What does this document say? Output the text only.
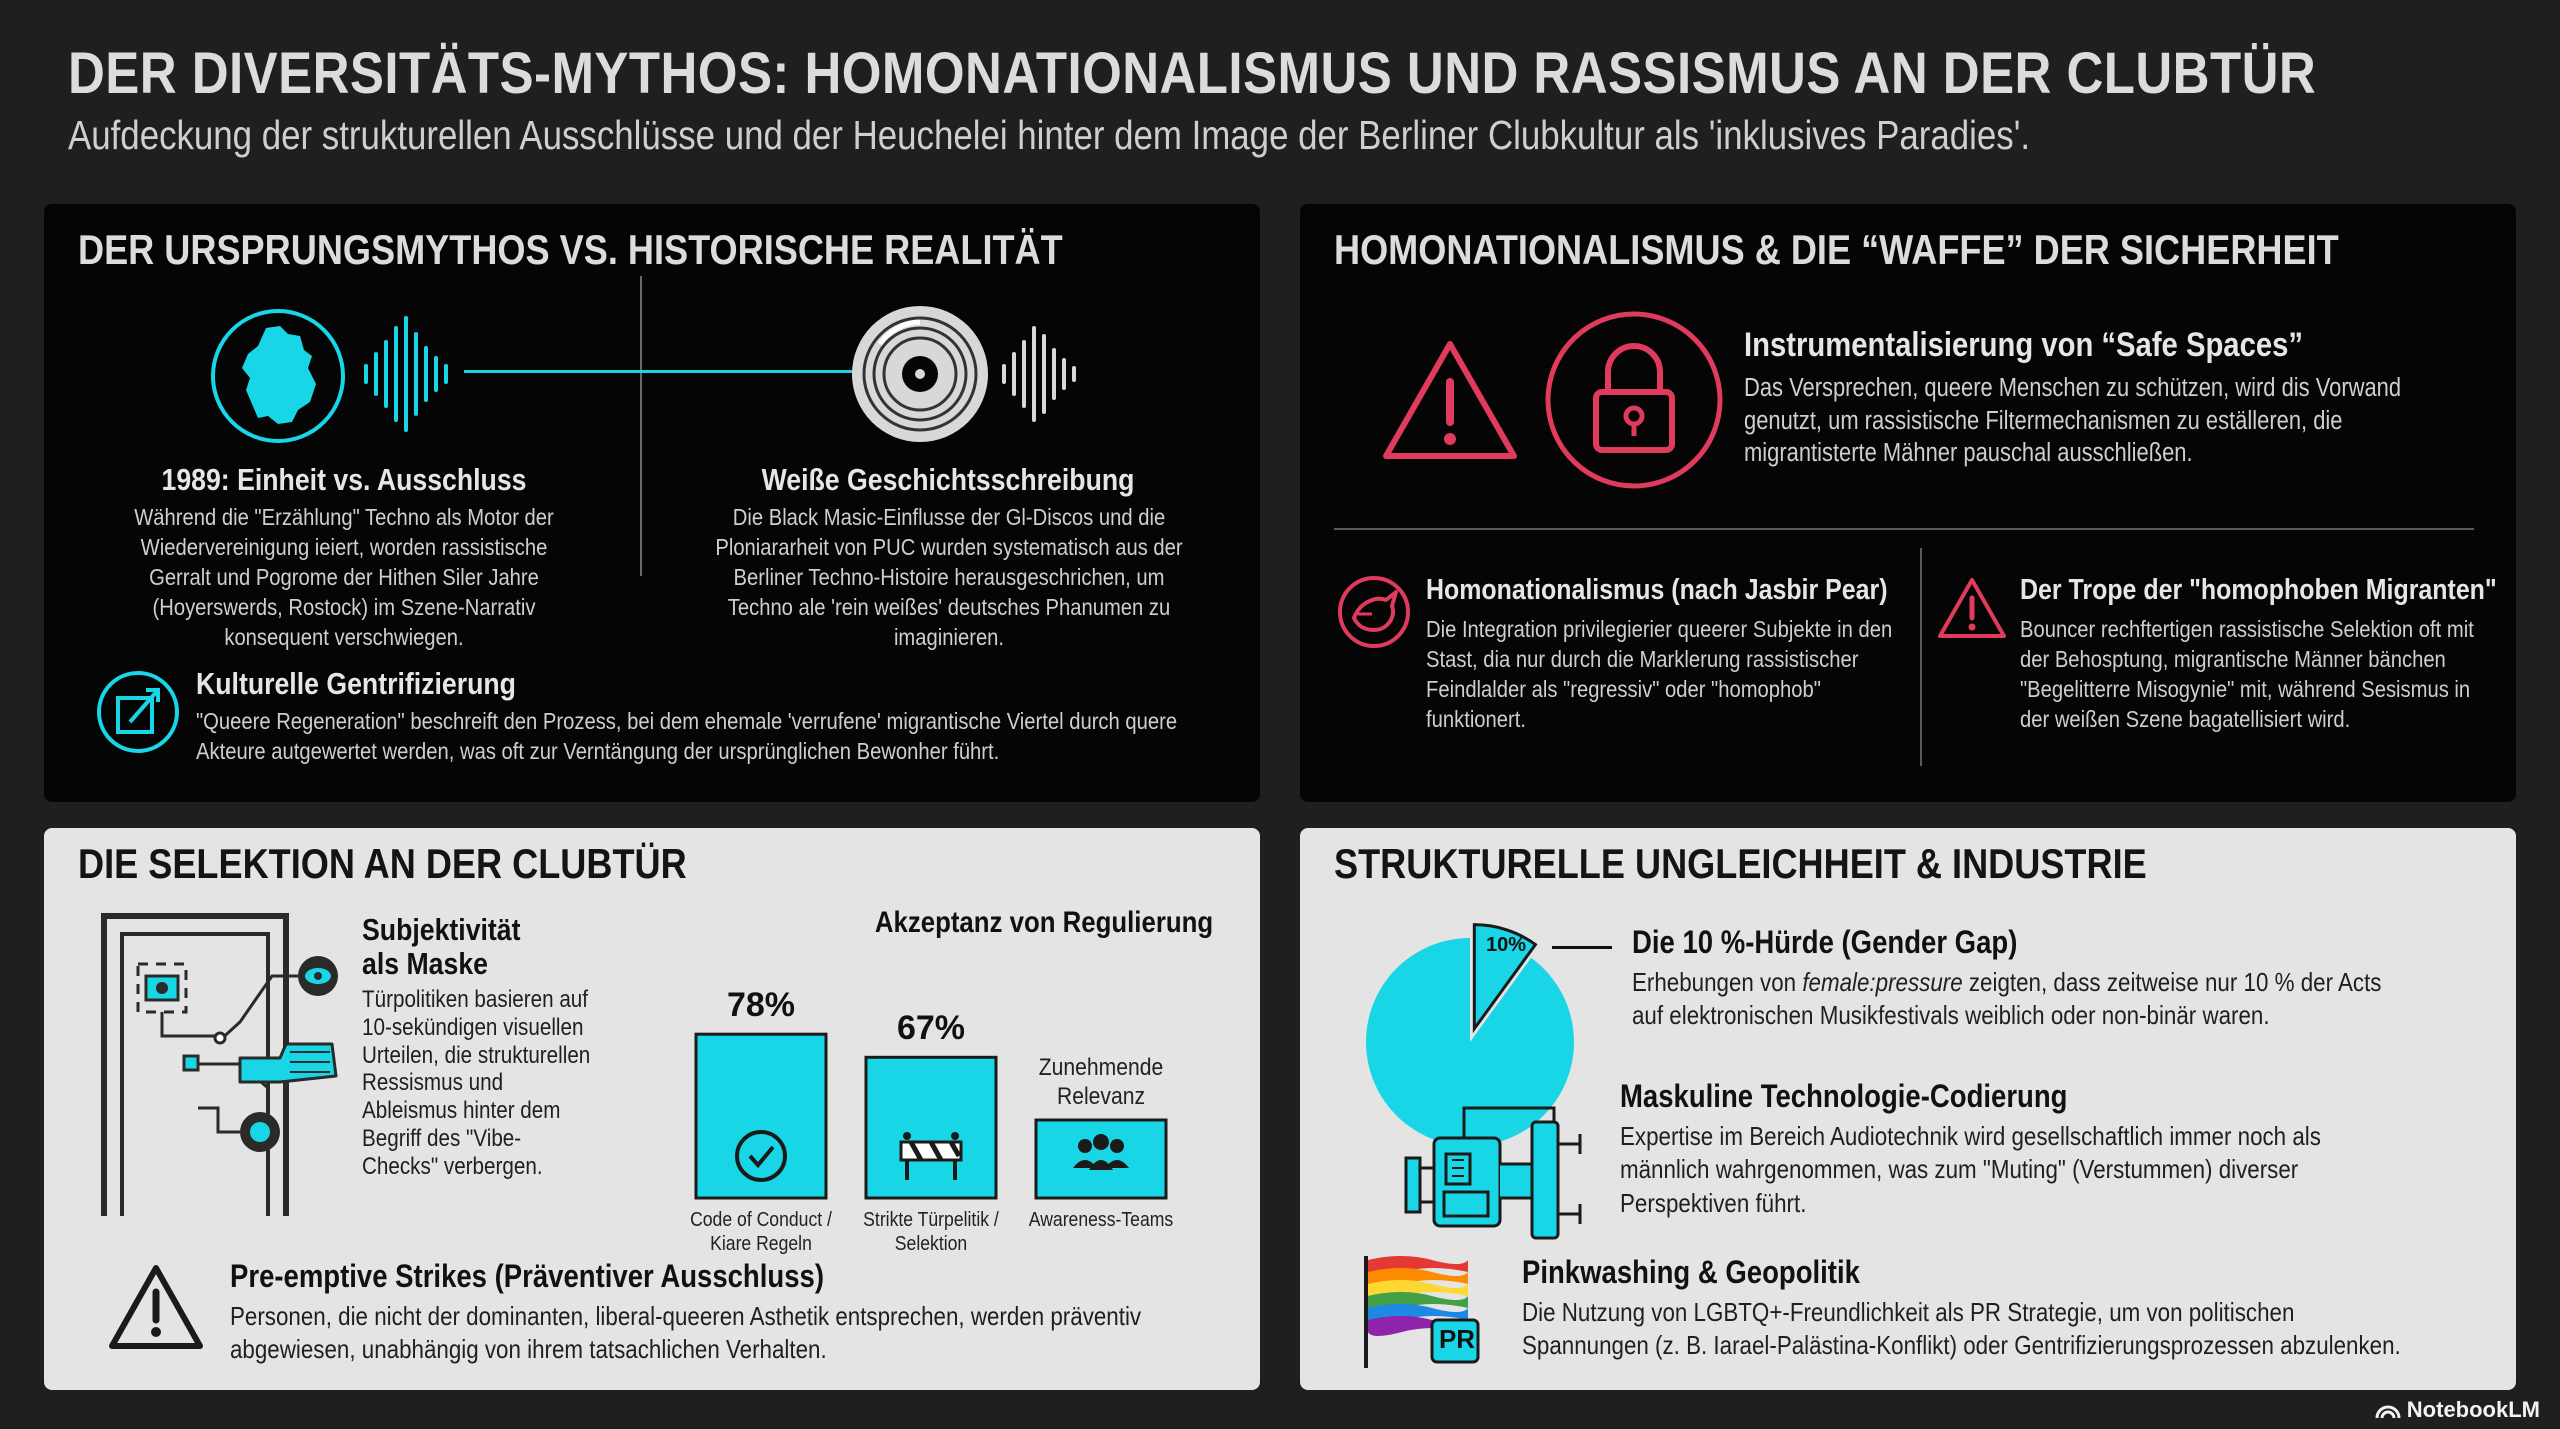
DER DIVERSITÄTS-MYTHOS: HOMONATIONALISMUS UND RASSISMUS AN DER CLUBTÜR
Aufdeckung der strukturellen Ausschlüsse und der Heuchelei hinter dem Image der Berliner Clubkultur als 'inklusives Paradies'.
DER URSPRUNGSMYTHOS VS. HISTORISCHE REALITÄT
1989: Einheit vs. Ausschluss
Während die "Erzählung" Techno als Motor der Wiedervereinigung ieiert, worden rassistische Gerralt und Pogrome der Hithen Siler Jahre (Hoyerswerds, Rostock) im Szene-Narrativ konsequent verschwiegen.
Weiße Geschichtsschreibung
Die Black Masic-Einflusse der Gl-Discos und die Ploniararheit von PUC wurden systematisch aus der Berliner Techno-Histoire herausgeschrichen, um Techno ale 'rein weißes' deutsches Phanumen zu imaginieren.
Kulturelle Gentrifizierung
"Queere Regeneration" beschreift den Prozess, bei dem ehemale 'verrufene' migrantische Viertel durch quere Akteure autgewertet werden, was oft zur Verntängung der ursprünglichen Bewonher führt.
HOMONATIONALISMUS & DIE “WAFFE” DER SICHERHEIT
Instrumentalisierung von “Safe Spaces”
Das Versprechen, queere Menschen zu schützen, wird dis Vorwand genutzt, um rassistische Filtermechanismen zu eställeren, die migrantisterte Mähner pauschal ausschließen.
Homonationalismus (nach Jasbir Pear)
Die Integration privilegierier queerer Subjekte in den Stast, dia nur durch die Marklerung rassistischer Feindlalder als "regressiv" oder "homophob" funktionert.
Der Trope der "homophoben Migranten"
Bouncer rechftertigen rassistische Selektion oft mit der Behosptung, migrantische Männer bänchen "Begelitterre Misogynie" mit, während Sesismus in der weißen Szene bagatellisiert wird.
DIE SELEKTION AN DER CLUBTÜR
Subjektivität
als Maske
Türpolitiken basieren auf 10-sekündigen visuellen Urteilen, die strukturellen Ressismus und Ableismus hinter dem Begriff des "Vibe-Checks" verbergen.
Akzeptanz von Regulierung
Pre-emptive Strikes (Präventiver Ausschluss)
Personen, die nicht der dominanten, liberal-queeren Asthetik entsprechen, werden präventiv abgewiesen, unabhängig von ihrem tatsachlichen Verhalten.
78%
Code of Conduct /
Kiare Regeln
67%
Strikte Türpelitik /
Selektion
Zunehmende Relevanz
Awareness-Teams
STRUKTURELLE UNGLEICHHEIT & INDUSTRIE
10%	Die 10 %-Hürde (Gender Gap)
Erhebungen von female:pressure zeigten, dass zeitweise nur 10 % der Acts auf elektronischen Musikfestivals weiblich oder non-binär waren.
Maskuline Technologie-Codierung
Expertise im Bereich Audiotechnik wird gesellschaftlich immer noch als männlich wahrgenommen, was zum "Muting" (Verstummen) diverser Perspektiven führt.
PR
Pinkwashing & Geopolitik
Die Nutzung von LGBTQ+-Freundlichkeit als PR Strategie, um von politischen Spannungen (z. B. Iarael-Palästina-Konflikt) oder Gentrifizierungsprozessen abzulenken.
NotebookLM
